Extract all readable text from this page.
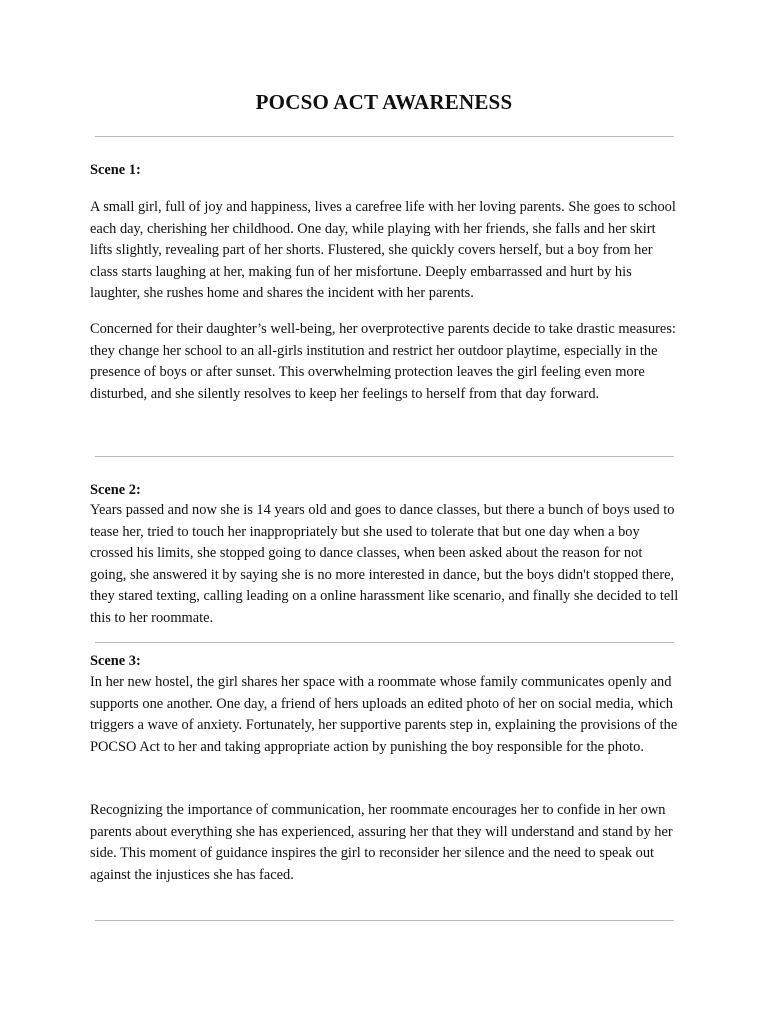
POCSO ACT AWARENESS
Scene 1:

A small girl, full of joy and happiness, lives a carefree life with her loving parents. She goes to school each day, cherishing her childhood. One day, while playing with her friends, she falls and her skirt lifts slightly, revealing part of her shorts. Flustered, she quickly covers herself, but a boy from her class starts laughing at her, making fun of her misfortune. Deeply embarrassed and hurt by his laughter, she rushes home and shares the incident with her parents.

Concerned for their daughter’s well-being, her overprotective parents decide to take drastic measures: they change her school to an all-girls institution and restrict her outdoor playtime, especially in the presence of boys or after sunset. This overwhelming protection leaves the girl feeling even more disturbed, and she silently resolves to keep her feelings to herself from that day forward.

Scene 2:

Years passed and now she is 14 years old and goes to dance classes, but there a bunch of boys used to tease her, tried to touch her inappropriately but she used to tolerate that but one day when a boy crossed his limits, she stopped going to dance classes, when been asked about the reason for not going, she answered it by saying she is no more interested in dance, but the boys didn't stopped there, they stared texting, calling leading on a online harassment like scenario, and finally she decided to tell this to her roommate.

Scene 3:

In her new hostel, the girl shares her space with a roommate whose family communicates openly and supports one another. One day, a friend of hers uploads an edited photo of her on social media, which triggers a wave of anxiety. Fortunately, her supportive parents step in, explaining the provisions of the POCSO Act to her and taking appropriate action by punishing the boy responsible for the photo.

Recognizing the importance of communication, her roommate encourages her to confide in her own parents about everything she has experienced, assuring her that they will understand and stand by her side. This moment of guidance inspires the girl to reconsider her silence and the need to speak out against the injustices she has faced.
